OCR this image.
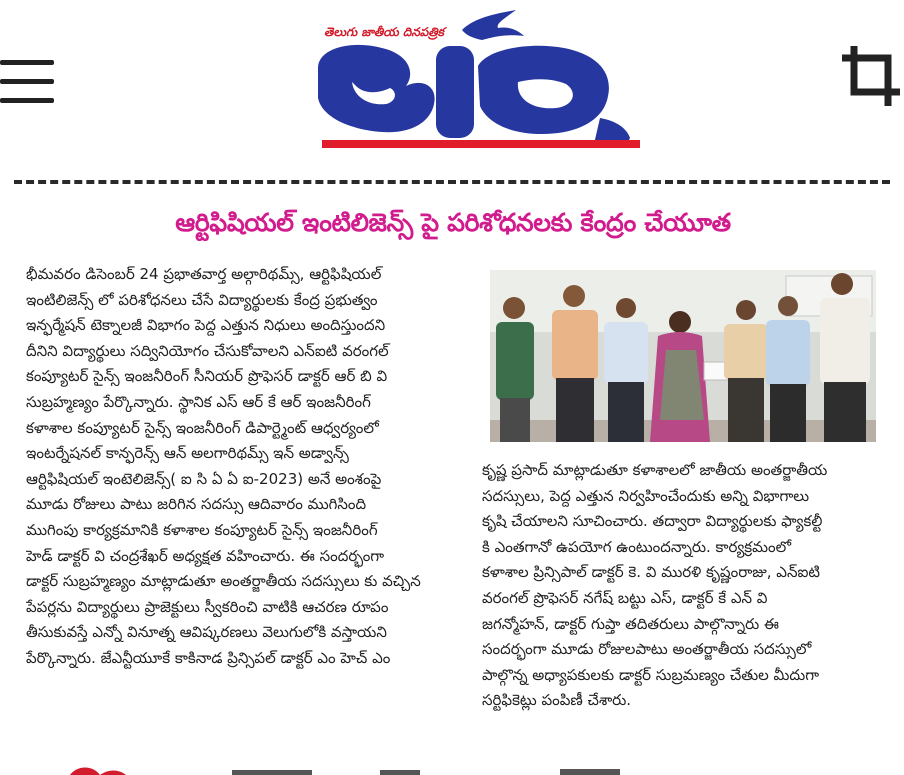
తెలుగు జాతీయ దినపత్రిక
ఆర్టిఫిషియల్ ఇంటిలిజెన్స్ పై పరిశోధనలకు కేంద్రం చేయూత

భీమవరం డిసెంబర్ 24 ప్రభాతవార్త అల్గారిథమ్స్, ఆర్టిఫిషియల్

ఇంటిలిజెన్స్ లో పరిశోధనలు చేసే విద్యార్థులకు కేంద్ర ప్రభుత్వం

ఇన్ఫర్మేషన్ టెక్నాలజీ విభాగం పెద్ద ఎత్తున నిధులు అందిస్తుందని

దీనిని విద్యార్థులు సద్వినియోగం చేసుకోవాలని ఎన్ఐటి వరంగల్

కంప్యూటర్ సైన్స్ ఇంజనీరింగ్ సీనియర్ ప్రొఫెసర్ డాక్టర్ ఆర్ బి వి

సుబ్రహ్మణ్యం పేర్కొన్నారు. స్థానిక ఎస్ ఆర్ కే ఆర్ ఇంజనీరింగ్

కళాశాల కంప్యూటర్ సైన్స్ ఇంజనీరింగ్ డిపార్ట్మెంట్ ఆధ్వర్యంలో

ఇంటర్నేషనల్ కాన్ఫరెన్స్ ఆన్ అలగారిథమ్స్ ఇన్ అడ్వాన్స్

ఆర్టిఫిషియల్ ఇంటెలిజెన్స్( ఐ సి ఏ ఏ ఐ-2023) అనే అంశంపై

మూడు రోజులు పాటు జరిగిన సదస్సు ఆదివారం ముగిసింది

ముగింపు కార్యక్రమానికి కళాశాల కంప్యూటర్ సైన్స్ ఇంజనీరింగ్

హెడ్ డాక్టర్ వి చంద్రశేఖర్ అధ్యక్షత వహించారు. ఈ సందర్భంగా

డాక్టర్ సుబ్రహ్మణ్యం మాట్లాడుతూ అంతర్జాతీయ సదస్సులు కు వచ్చిన

పేపర్లను విద్యార్థులు ప్రాజెక్టులు స్వీకరించి వాటికి ఆచరణ రూపం

తీసుకువస్తే ఎన్నో వినూత్న ఆవిష్కరణలు వెలుగులోకి వస్తాయని

పేర్కొన్నారు. జేఎన్టీయూకే కాకినాడ ప్రిన్సిపల్ డాక్టర్ ఎం హెచ్ ఎం

కృష్ణ ప్రసాద్ మాట్లాడుతూ కళాశాలలో జాతీయ అంతర్జాతీయ

సదస్సులు, పెద్ద ఎత్తున నిర్వహించేందుకు అన్ని విభాగాలు

కృషి చేయాలని సూచించారు. తద్వారా విద్యార్థులకు ఫ్యాకల్టీ

కి ఎంతగానో ఉపయోగ ఉంటుందన్నారు. కార్యక్రమంలో

కళాశాల ప్రిన్సిపాల్ డాక్టర్ కె. వి మురళి కృష్ణంరాజు, ఎన్ఐటి

వరంగల్ ప్రొఫెసర్ నగేష్ బట్టు ఎస్, డాక్టర్ కే ఎన్ వి

జగన్మోహన్, డాక్టర్ గుప్తా తదితరులు పాల్గొన్నారు ఈ

సందర్భంగా మూడు రోజులపాటు అంతర్జాతీయ సదస్సులో

పాల్గొన్న అధ్యాపకులకు డాక్టర్ సుబ్రమణ్యం చేతుల మీదుగా

సర్టిఫికెట్లు పంపిణీ చేశారు.
